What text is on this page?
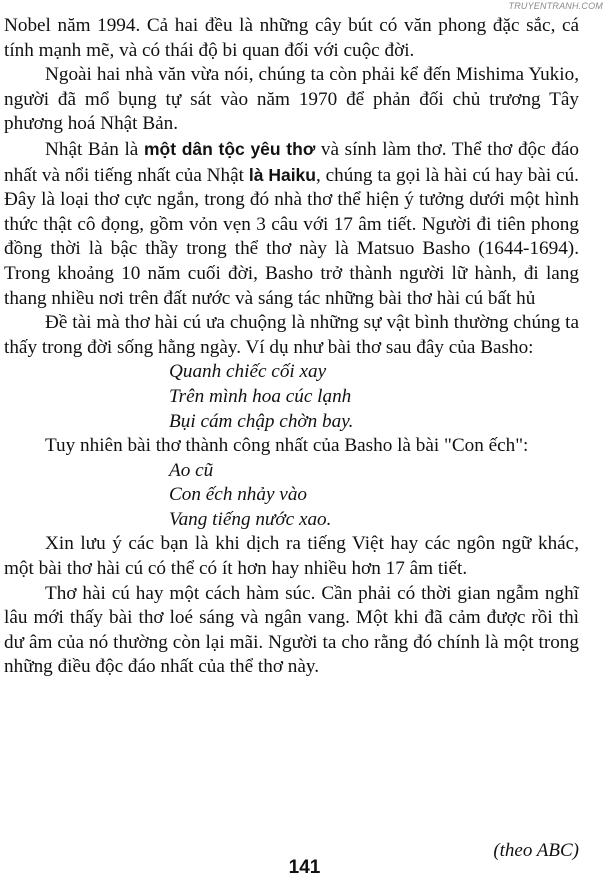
TRUYENTRANH.COM

Nobel năm 1994. Cả hai đều là những cây bút có văn phong đặc sắc, cá tính mạnh mẽ, và có thái độ bi quan đối với cuộc đời.

Ngoài hai nhà văn vừa nói, chúng ta còn phải kể đến Mishima Yukio, người đã mổ bụng tự sát vào năm 1970 để phản đối chủ trương Tây phương hoá Nhật Bản.

Nhật Bản là một dân tộc yêu thơ và sính làm thơ. Thể thơ độc đáo nhất và nổi tiếng nhất của Nhật là Haiku, chúng ta gọi là hài cú hay bài cú. Đây là loại thơ cực ngắn, trong đó nhà thơ thể hiện ý tưởng dưới một hình thức thật cô đọng, gồm vỏn vẹn 3 câu với 17 âm tiết. Người đi tiên phong đồng thời là bậc thầy trong thể thơ này là Matsuo Basho (1644-1694). Trong khoảng 10 năm cuối đời, Basho trở thành người lữ hành, đi lang thang nhiều nơi trên đất nước và sáng tác những bài thơ hài cú bất hủ

Đề tài mà thơ hài cú ưa chuộng là những sự vật bình thường chúng ta thấy trong đời sống hằng ngày. Ví dụ như bài thơ sau đây của Basho:

Quanh chiếc cối xay
Trên mình hoa cúc lạnh
Bụi cám chập chờn bay.

Tuy nhiên bài thơ thành công nhất của Basho là bài "Con ếch":

Ao cũ
Con ếch nhảy vào
Vang tiếng nước xao.

Xin lưu ý các bạn là khi dịch ra tiếng Việt hay các ngôn ngữ khác, một bài thơ hài cú có thể có ít hơn hay nhiều hơn 17 âm tiết.

Thơ hài cú hay một cách hàm súc. Cần phải có thời gian ngẫm nghĩ lâu mới thấy bài thơ loé sáng và ngân vang. Một khi đã cảm được rồi thì dư âm của nó thường còn lại mãi. Người ta cho rằng đó chính là một trong những điều độc đáo nhất của thể thơ này.

(theo ABC)
141
